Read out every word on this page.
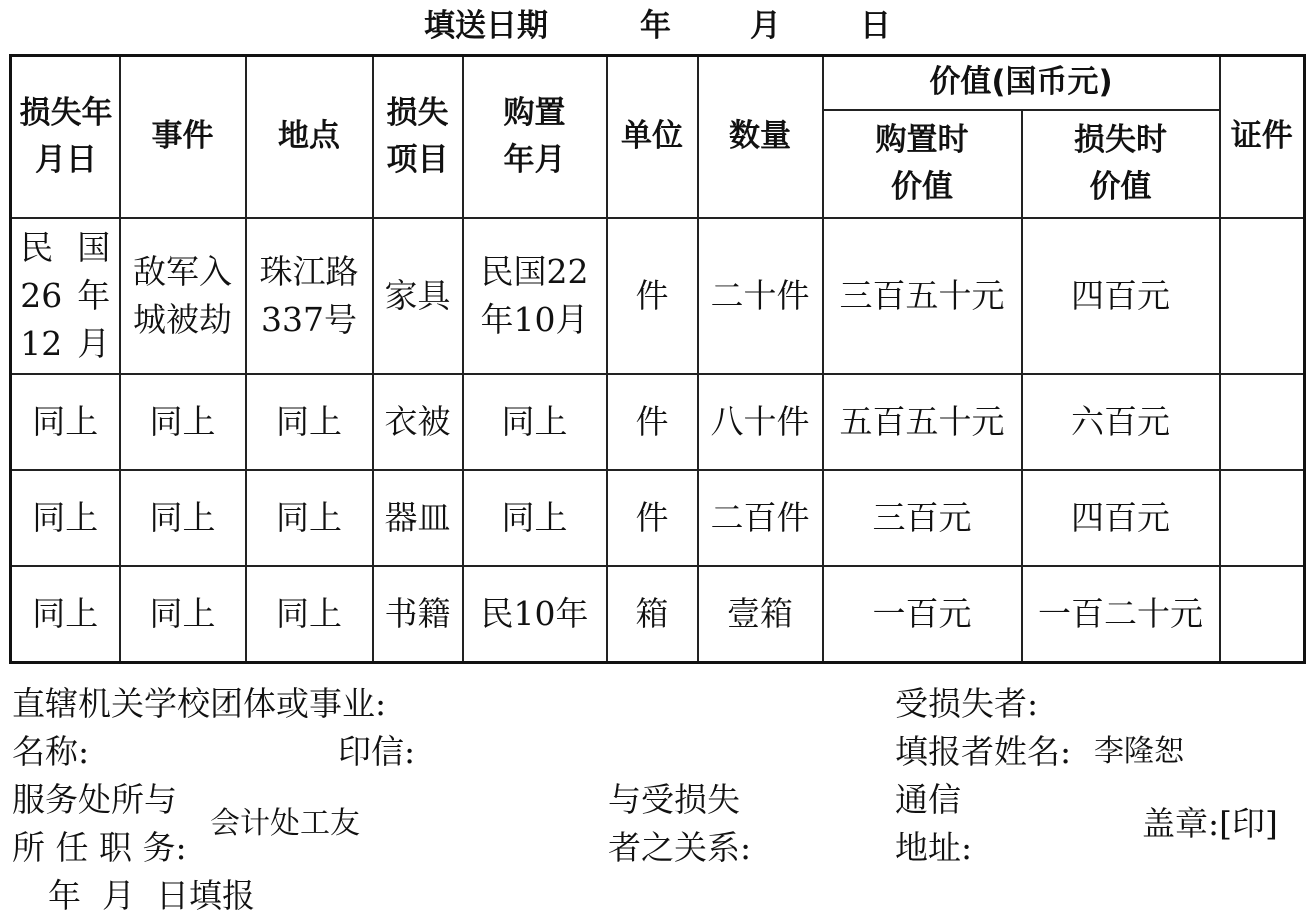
填送日期	年	月	日
损失年月日	事件	地点	损失项目	购置年月	单位	数量	价值(国币元)		证件

							购置时价值	损失时价值	

民国26年12月	敌军入城被劫	珠江路337号	家具	民国22年10月	件	二十件	三百五十元	四百元	
同上	同上	同上	衣被	同上	件	八十件	五百五十元	六百元	
同上	同上	同上	器皿	同上	件	二百件	三百元	四百元	
同上	同上	同上	书籍	民10年	箱	壹箱	一百元	一百二十元	
直辖机关学校团体或事业:	受损失者:
名称:	印信:	填报者姓名: 李隆恕
服务处所与	与受损失	通信
会计处工友	盖章:[印]
所 任 职 务:	者之关系:	地址:
年  月  日填报
